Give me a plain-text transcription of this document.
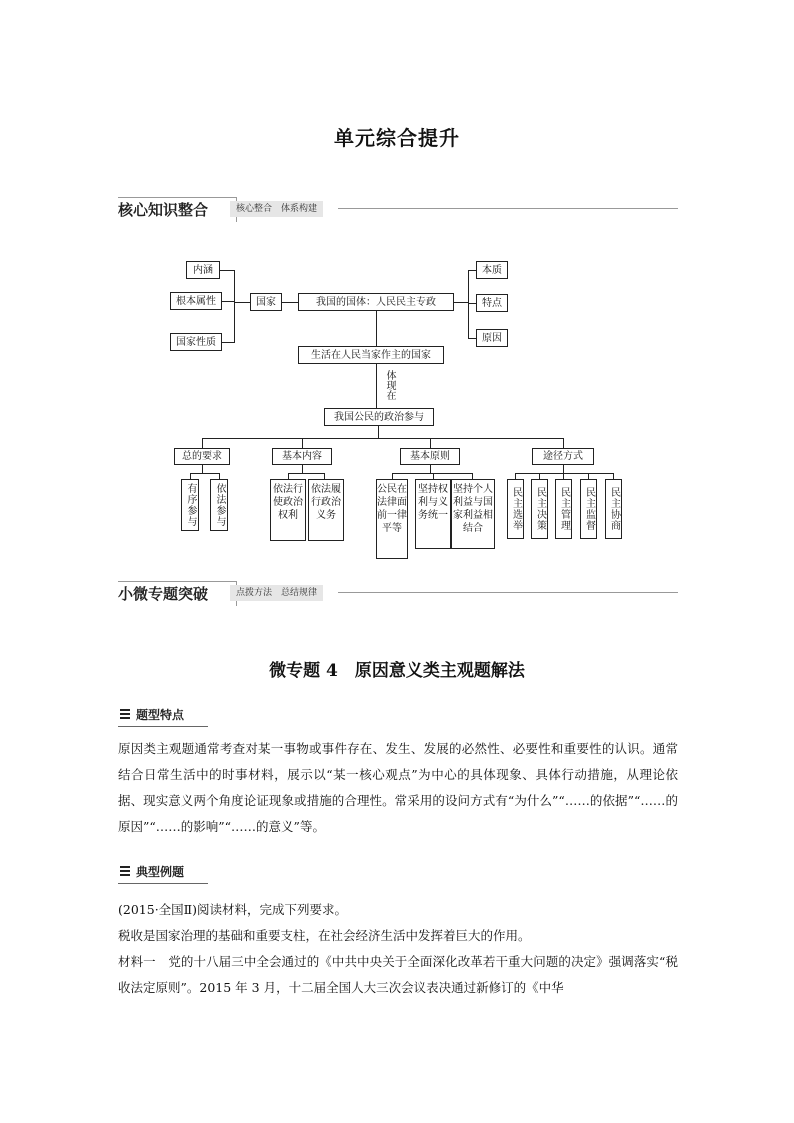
单元综合提升
核心知识整合	核心整合　体系构建
内涵
根本属性
国家性质
国家	我国的国体：人民民主专政
本质
特点
原因
生活在人民当家作主的国家
体现在
我国公民的政治参与
总的要求	基本内容	基本原则	途径方式
有序参与	依法参与	依法行使政治权利
依法履行政治义务
公民在法律面前一律平等
坚持权利与义务统一
坚持个人利益与国家利益相结合	民主选举	民主决策	民主管理	民主监督	民主协商
小微专题突破	点拨方法　总结规律
微专题 4　原因意义类主观题解法
题型特点
原因类主观题通常考查对某一事物或事件存在、发生、发展的必然性、必要性和重要性的认识。通常结合日常生活中的时事材料，展示以“某一核心观点”为中心的具体现象、具体行动措施，从理论依据、现实意义两个角度论证现象或措施的合理性。常采用的设问方式有“为什么”“……的依据”“……的原因”“……的影响”“……的意义”等。
典型例题
(2015·全国Ⅱ)阅读材料，完成下列要求。
税收是国家治理的基础和重要支柱，在社会经济生活中发挥着巨大的作用。
材料一　党的十八届三中全会通过的《中共中央关于全面深化改革若干重大问题的决定》强调落实“税收法定原则”。2015 年 3 月，十二届全国人大三次会议表决通过新修订的《中华
